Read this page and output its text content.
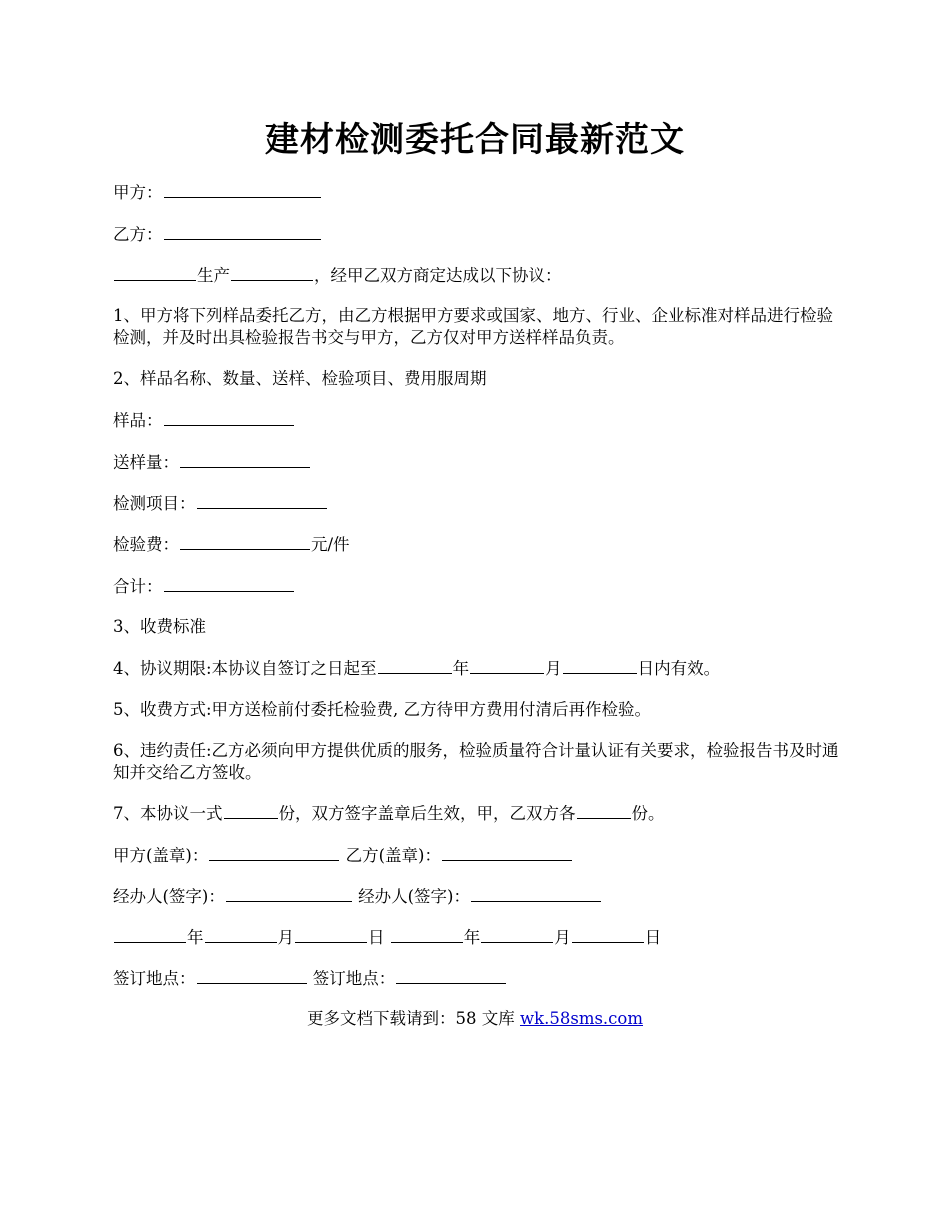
建材检测委托合同最新范文

甲方：

乙方：

生产	，经甲乙双方商定达成以下协议：

1、甲方将下列样品委托乙方，由乙方根据甲方要求或国家、地方、行业、企业标准对样品进行检验检测，并及时出具检验报告书交与甲方，乙方仅对甲方送样样品负责。

2、样品名称、数量、送样、检验项目、费用服周期

样品：

送样量：

检测项目：

检验费：	元/件

合计：

3、收费标准

4、协议期限:本协议自签订之日起至	年	月	日内有效。

5、收费方式:甲方送检前付委托检验费, 乙方待甲方费用付清后再作检验。

6、违约责任:乙方必须向甲方提供优质的服务，检验质量符合计量认证有关要求，检验报告书及时通知并交给乙方签收。

7、本协议一式	份，双方签字盖章后生效，甲，乙双方各	份。

甲方(盖章)：	乙方(盖章)：

经办人(签字)：	经办人(签字)：

年	月	日	年	月	日

签订地点：	签订地点：

更多文档下载请到：58 文库 wk.58sms.com
